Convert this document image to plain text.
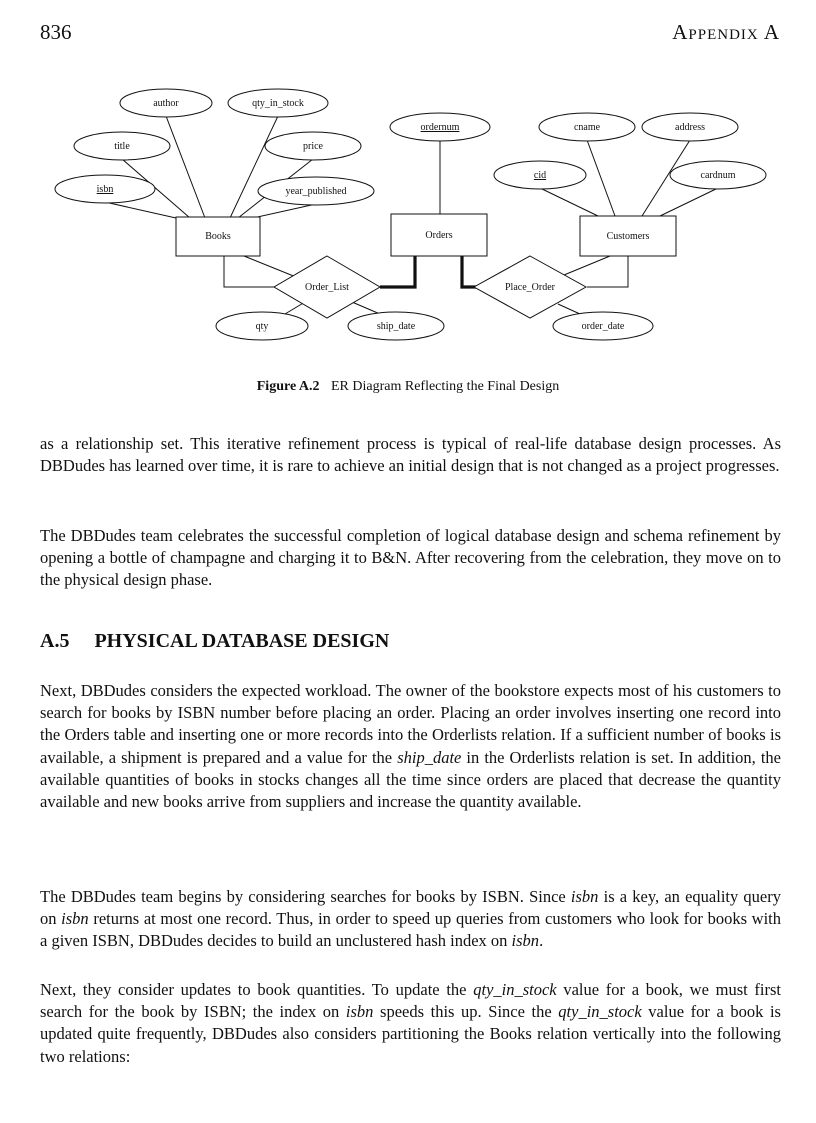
836	Appendix A
author	qty_in_stock
title	price
isbn	year_published
ordernum	cname	address
cid	cardnum
qty	ship_date	order_date
Books	Orders	Customers
Order_List	Place_Order
Figure A.2 ER Diagram Reflecting the Final Design

as a relationship set. This iterative refinement process is typical of real-life database design processes. As DBDudes has learned over time, it is rare to achieve an initial design that is not changed as a project progresses.

The DBDudes team celebrates the successful completion of logical database design and schema refinement by opening a bottle of champagne and charging it to B&N. After recovering from the celebration, they move on to the physical design phase.

A.5 PHYSICAL DATABASE DESIGN

Next, DBDudes considers the expected workload. The owner of the bookstore expects most of his customers to search for books by ISBN number before placing an order. Placing an order involves inserting one record into the Orders table and inserting one or more records into the Orderlists relation. If a sufficient number of books is available, a shipment is prepared and a value for the ship_date in the Orderlists relation is set. In addition, the available quantities of books in stocks changes all the time since orders are placed that decrease the quantity available and new books arrive from suppliers and increase the quantity available.

The DBDudes team begins by considering searches for books by ISBN. Since isbn is a key, an equality query on isbn returns at most one record. Thus, in order to speed up queries from customers who look for books with a given ISBN, DBDudes decides to build an unclustered hash index on isbn.

Next, they consider updates to book quantities. To update the qty_in_stock value for a book, we must first search for the book by ISBN; the index on isbn speeds this up. Since the qty_in_stock value for a book is updated quite frequently, DBDudes also considers partitioning the Books relation vertically into the following two relations:
